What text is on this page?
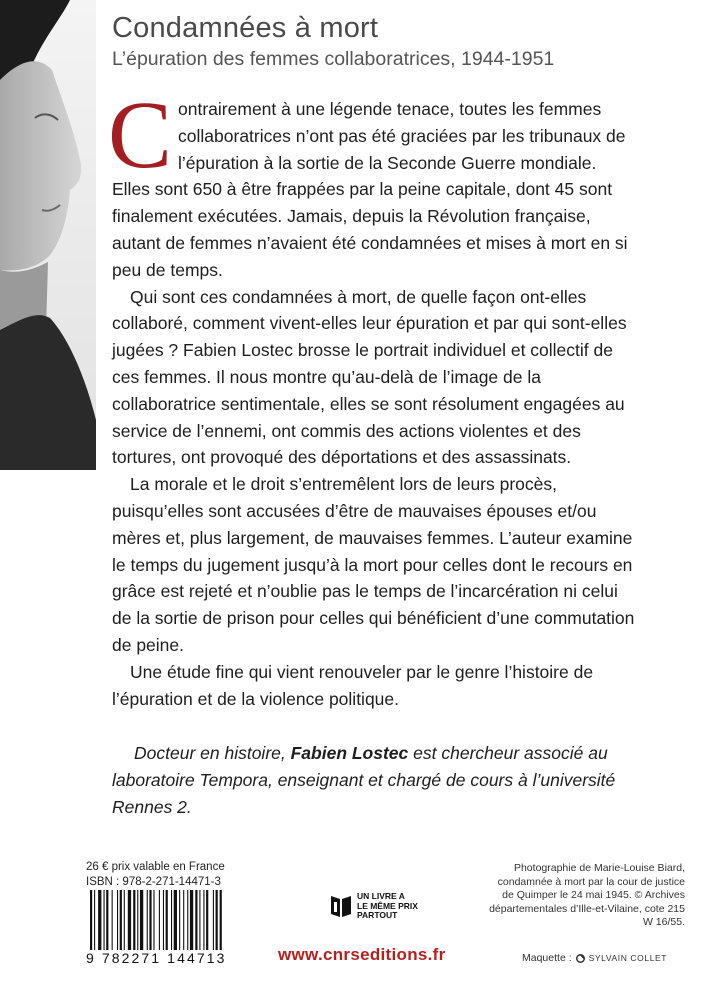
Condamnées à mort
L’épuration des femmes collaboratrices, 1944-1951

Contrairement à une légende tenace, toutes les femmes collaboratrices n’ont pas été graciées par les tribunaux de l’épuration à la sortie de la Seconde Guerre mondiale. Elles sont 650 à être frappées par la peine capitale, dont 45 sont finalement exécutées. Jamais, depuis la Révolution française, autant de femmes n’avaient été condamnées et mises à mort en si peu de temps.

Qui sont ces condamnées à mort, de quelle façon ont-elles collaboré, comment vivent-elles leur épuration et par qui sont-elles jugées ? Fabien Lostec brosse le portrait individuel et collectif de ces femmes. Il nous montre qu’au-delà de l’image de la collaboratrice sentimentale, elles se sont résolument engagées au service de l’ennemi, ont commis des actions violentes et des tortures, ont provoqué des déportations et des assassinats.

La morale et le droit s’entremêlent lors de leurs procès, puisqu’elles sont accusées d’être de mauvaises épouses et/ou mères et, plus largement, de mauvaises femmes. L’auteur examine le temps du jugement jusqu’à la mort pour celles dont le recours en grâce est rejeté et n’oublie pas le temps de l’incarcération ni celui de la sortie de prison pour celles qui bénéficient d’une commutation de peine.

Une étude fine qui vient renouveler par le genre l’histoire de l’épuration et de la violence politique.

Docteur en histoire, Fabien Lostec est chercheur associé au laboratoire Tempora, enseignant et chargé de cours à l’université Rennes 2.

26 € prix valable en France
ISBN : 978-2-271-14471-3
9 782271 144713
UN LIVRE A
LE MÊME PRIX
PARTOUT
www.cnrseditions.fr

Photographie de Marie-Louise Biard, condamnée à mort par la cour de justice de Quimper le 24 mai 1945. © Archives départementales d’Ille-et-Vilaine, cote 215 W 16/55.

Maquette : SYLVAIN COLLET
